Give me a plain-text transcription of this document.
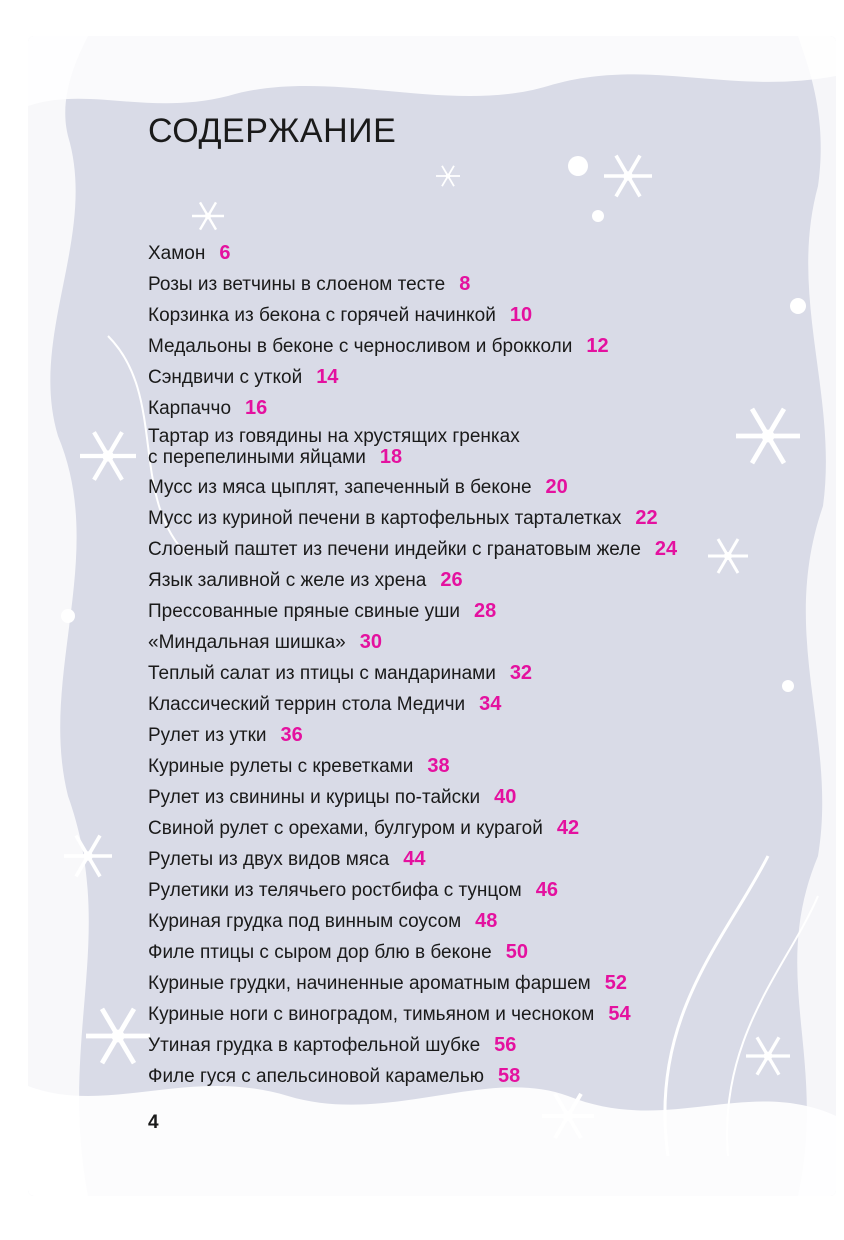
СОДЕРЖАНИЕ
Хамон 6
Розы из ветчины в слоеном тесте 8
Корзинка из бекона с горячей начинкой 10
Медальоны в беконе с черносливом и брокколи 12
Сэндвичи с уткой 14
Карпаччо 16
Тартар из говядины на хрустящих гренках
с перепелиными яйцами 18
Мусс из мяса цыплят, запеченный в беконе 20
Мусс из куриной печени в картофельных тарталетках 22
Слоеный паштет из печени индейки с гранатовым желе 24
Язык заливной с желе из хрена 26
Прессованные пряные свиные уши 28
«Миндальная шишка» 30
Теплый салат из птицы с мандаринами 32
Классический террин стола Медичи 34
Рулет из утки 36
Куриные рулеты с креветками 38
Рулет из свинины и курицы по-тайски 40
Свиной рулет с орехами, булгуром и курагой 42
Рулеты из двух видов мяса 44
Рулетики из телячьего ростбифа с тунцом 46
Куриная грудка под винным соусом 48
Филе птицы с сыром дор блю в беконе 50
Куриные грудки, начиненные ароматным фаршем 52
Куриные ноги с виноградом, тимьяном и чесноком 54
Утиная грудка в картофельной шубке 56
Филе гуся с апельсиновой карамелью 58
4
